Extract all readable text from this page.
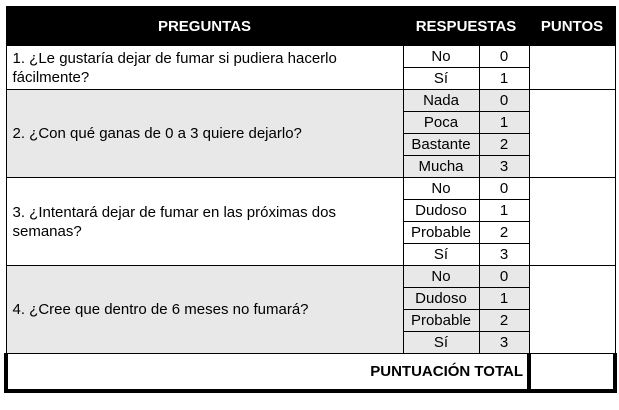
PREGUNTAS	RESPUESTAS		PUNTOS
1. ¿Le gustaría dejar de fumar si pudiera hacerlo fácilmente?	No	0	
	Sí	1	
2. ¿Con qué ganas de 0 a 3 quiere dejarlo?	Nada	0	
	Poca	1	
	Bastante	2	
	Mucha	3	
3. ¿Intentará dejar de fumar en las próximas dos semanas?	No	0	
	Dudoso	1	
	Probable	2	
	Sí	3	
4. ¿Cree que dentro de 6 meses no fumará?	No	0	
	Dudoso	1	
	Probable	2	
	Sí	3	
PUNTUACIÓN TOTAL			
